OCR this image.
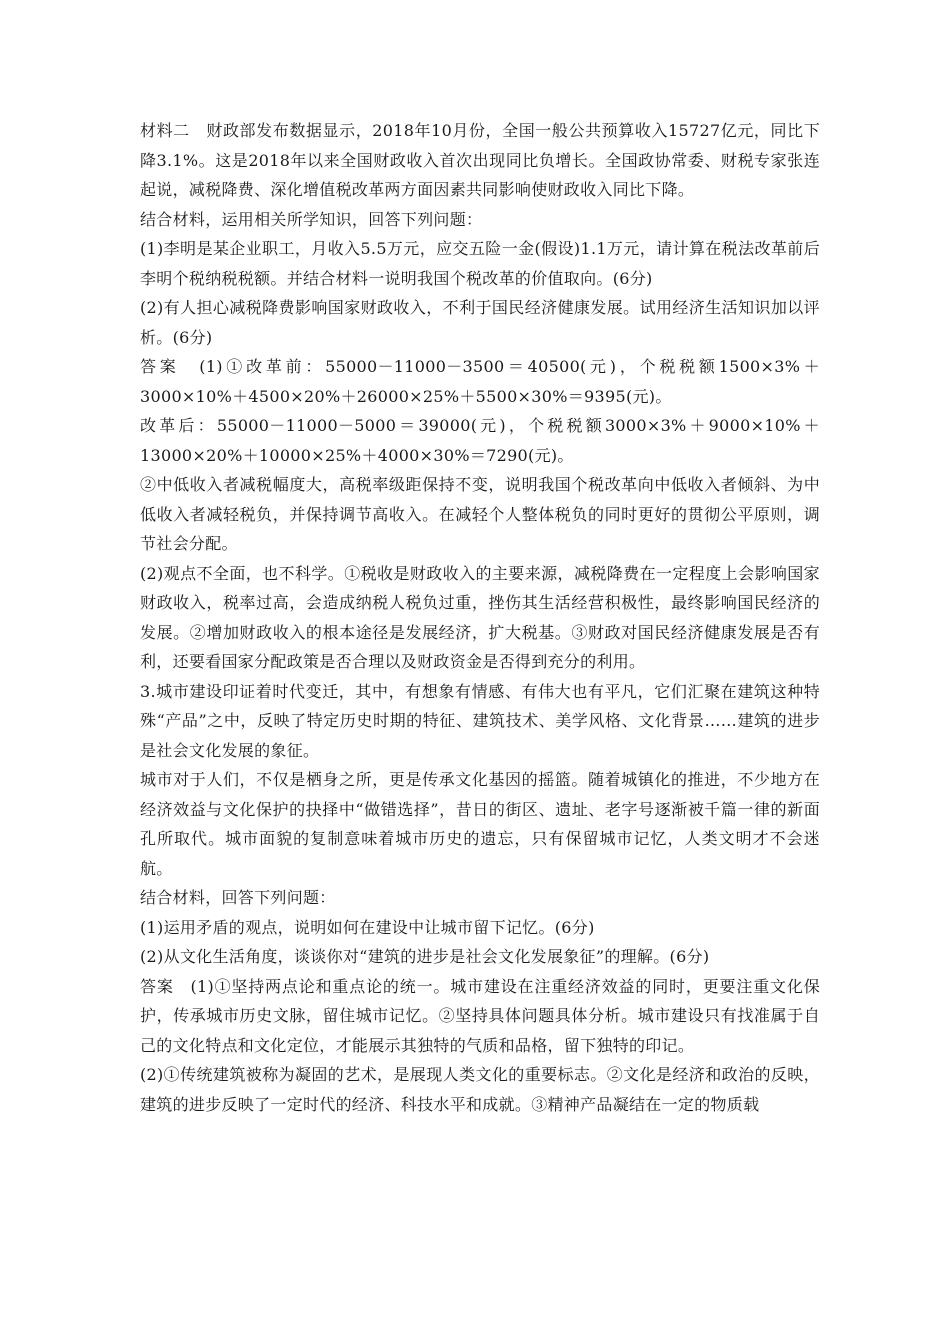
材料二　财政部发布数据显示，2018年10月份，全国一般公共预算收入15727亿元，同比下降3.1%。这是2018年以来全国财政收入首次出现同比负增长。全国政协常委、财税专家张连起说，减税降费、深化增值税改革两方面因素共同影响使财政收入同比下降。

结合材料，运用相关所学知识，回答下列问题：

(1)李明是某企业职工，月收入5.5万元，应交五险一金(假设)1.1万元，请计算在税法改革前后李明个税纳税税额。并结合材料一说明我国个税改革的价值取向。(6分)

(2)有人担心减税降费影响国家财政收入，不利于国民经济健康发展。试用经济生活知识加以评析。(6分)

答案　(1)①改革前：55000－11000－3500＝40500(元)，个税税额1500×3%＋3000×10%＋4500×20%＋26000×25%＋5500×30%＝9395(元)。

改革后：55000－11000－5000＝39000(元)，个税税额3000×3%＋9000×10%＋13000×20%＋10000×25%＋4000×30%＝7290(元)。

②中低收入者减税幅度大，高税率级距保持不变，说明我国个税改革向中低收入者倾斜、为中低收入者减轻税负，并保持调节高收入。在减轻个人整体税负的同时更好的贯彻公平原则，调节社会分配。

(2)观点不全面，也不科学。①税收是财政收入的主要来源，减税降费在一定程度上会影响国家财政收入，税率过高，会造成纳税人税负过重，挫伤其生活经营积极性，最终影响国民经济的发展。②增加财政收入的根本途径是发展经济，扩大税基。③财政对国民经济健康发展是否有利，还要看国家分配政策是否合理以及财政资金是否得到充分的利用。

3.城市建设印证着时代变迁，其中，有想象有情感、有伟大也有平凡，它们汇聚在建筑这种特殊“产品”之中，反映了特定历史时期的特征、建筑技术、美学风格、文化背景……建筑的进步是社会文化发展的象征。

城市对于人们，不仅是栖身之所，更是传承文化基因的摇篮。随着城镇化的推进，不少地方在经济效益与文化保护的抉择中“做错选择”，昔日的街区、遗址、老字号逐渐被千篇一律的新面孔所取代。城市面貌的复制意味着城市历史的遗忘，只有保留城市记忆，人类文明才不会迷航。

结合材料，回答下列问题：

(1)运用矛盾的观点，说明如何在建设中让城市留下记忆。(6分)

(2)从文化生活角度，谈谈你对“建筑的进步是社会文化发展象征”的理解。(6分)

答案　(1)①坚持两点论和重点论的统一。城市建设在注重经济效益的同时，更要注重文化保护，传承城市历史文脉，留住城市记忆。②坚持具体问题具体分析。城市建设只有找准属于自己的文化特点和文化定位，才能展示其独特的气质和品格，留下独特的印记。

(2)①传统建筑被称为凝固的艺术，是展现人类文化的重要标志。②文化是经济和政治的反映，建筑的进步反映了一定时代的经济、科技水平和成就。③精神产品凝结在一定的物质载
